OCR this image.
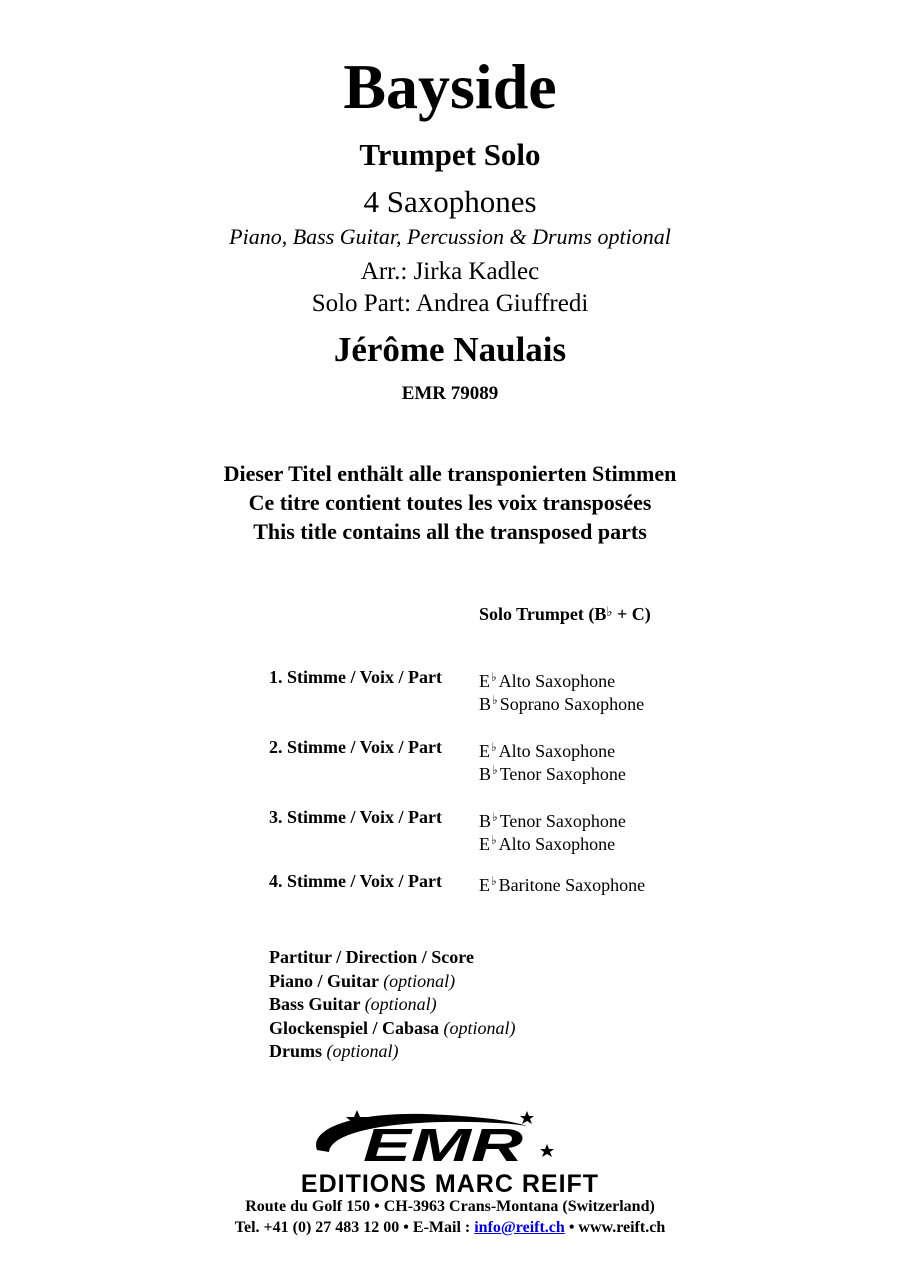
Bayside
Trumpet Solo
4 Saxophones
Piano, Bass Guitar, Percussion & Drums optional
Arr.: Jirka Kadlec
Solo Part: Andrea Giuffredi
Jérôme Naulais
EMR 79089
Dieser Titel enthält alle transponierten Stimmen
Ce titre contient toutes les voix transposées
This title contains all the transposed parts
Solo Trumpet (B♭ + C)
1. Stimme / Voix / Part E♭ Alto Saxophone
B♭ Soprano Saxophone
2. Stimme / Voix / Part E♭ Alto Saxophone
B♭ Tenor Saxophone
3. Stimme / Voix / Part B♭ Tenor Saxophone
E♭ Alto Saxophone
4. Stimme / Voix / Part E♭ Baritone Saxophone
Partitur / Direction / Score
Piano / Guitar (optional)
Bass Guitar (optional)
Glockenspiel / Cabasa (optional)
Drums (optional)
EMR
EDITIONS MARC REIFT
Route du Golf 150 • CH-3963 Crans-Montana (Switzerland)
Tel. +41 (0) 27 483 12 00 • E-Mail : info@reift.ch • www.reift.ch
